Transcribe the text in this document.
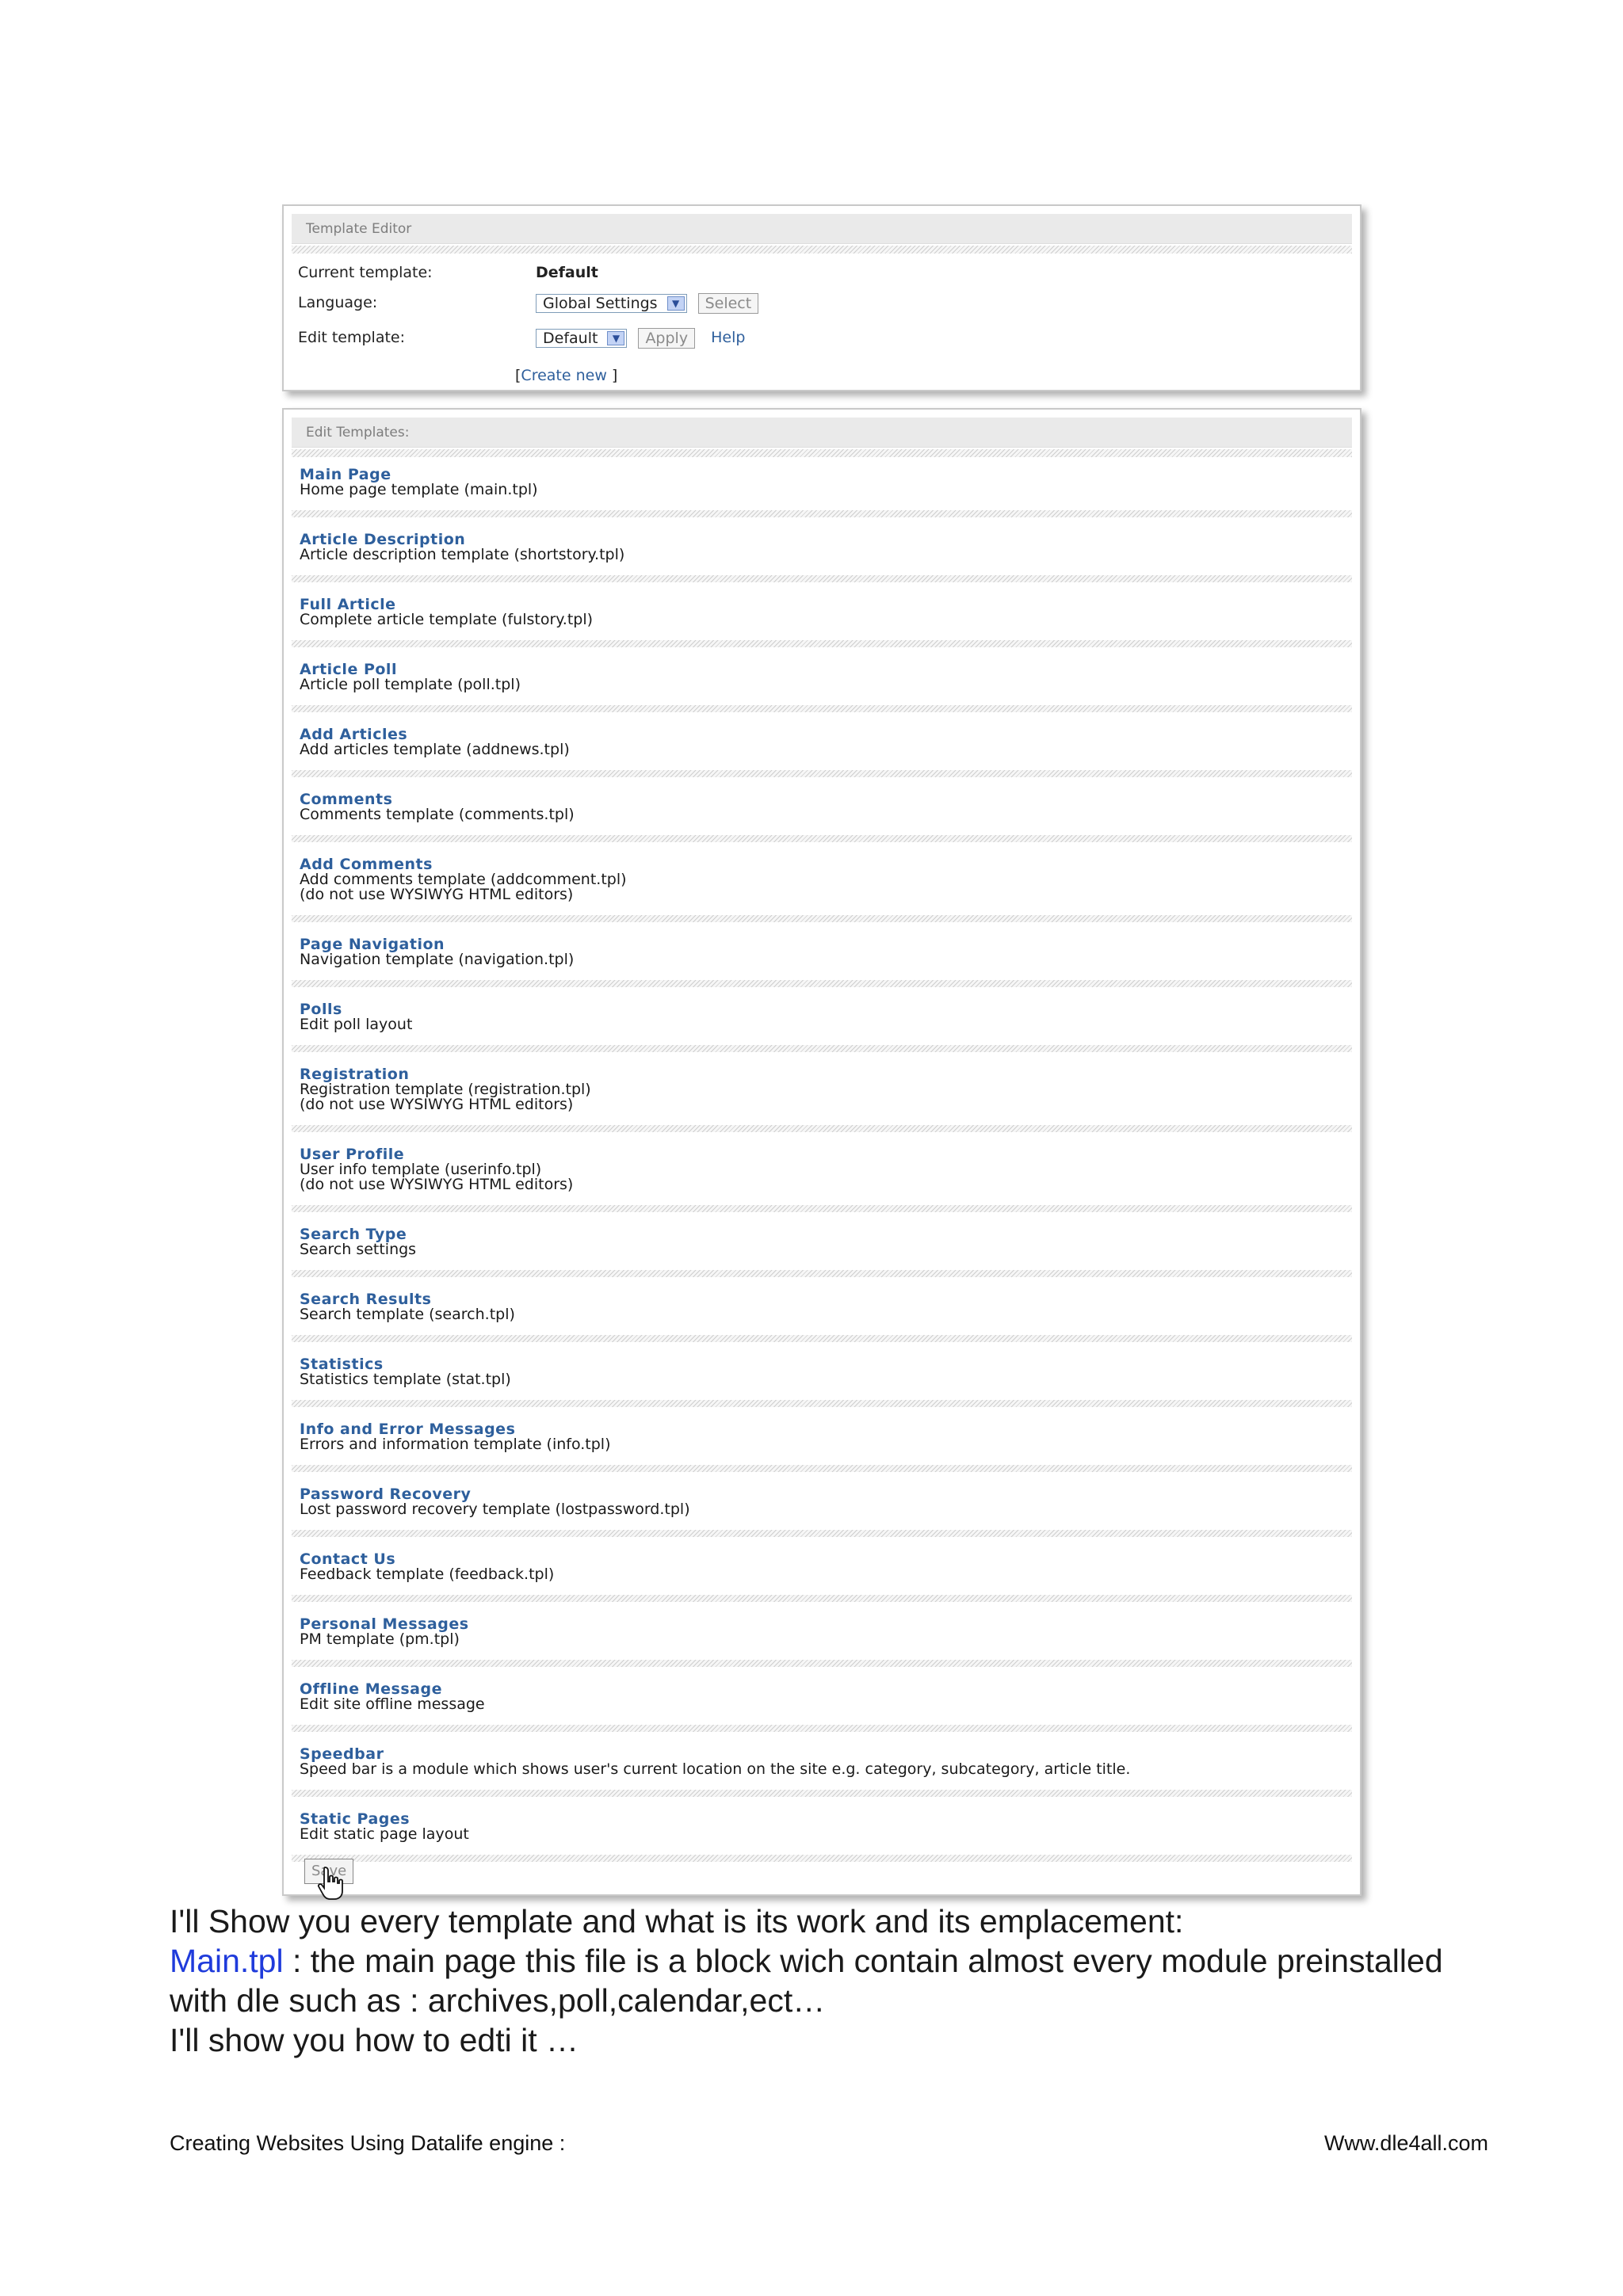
Template Editor
Current template:	Default
Language:	Global Settings	▼	Select
Edit template:	Default	▼	Apply Help
[Create new ]
Edit Templates:
Main Page
Home page template (main.tpl)
Article Description
Article description template (shortstory.tpl)
Full Article
Complete article template (fulstory.tpl)
Article Poll
Article poll template (poll.tpl)
Add Articles
Add articles template (addnews.tpl)
Comments
Comments template (comments.tpl)
Add Comments
Add comments template (addcomment.tpl)
(do not use WYSIWYG HTML editors)
Page Navigation
Navigation template (navigation.tpl)
Polls
Edit poll layout
Registration
Registration template (registration.tpl)
(do not use WYSIWYG HTML editors)
User Profile
User info template (userinfo.tpl)
(do not use WYSIWYG HTML editors)
Search Type
Search settings
Search Results
Search template (search.tpl)
Statistics
Statistics template (stat.tpl)
Info and Error Messages
Errors and information template (info.tpl)
Password Recovery
Lost password recovery template (lostpassword.tpl)
Contact Us
Feedback template (feedback.tpl)
Personal Messages
PM template (pm.tpl)
Offline Message
Edit site offline message
Speedbar
Speed bar is a module which shows user's current location on the site e.g. category, subcategory, article title.
Static Pages
Edit static page layout
Save
I'll Show you every template and what is its work and its emplacement:
Main.tpl : the main page this file is a block wich contain almost every module preinstalled
with dle such as : archives,poll,calendar,ect…
I'll show you how to edti it …
Creating Websites Using Datalife engine :	Www.dle4all.com
